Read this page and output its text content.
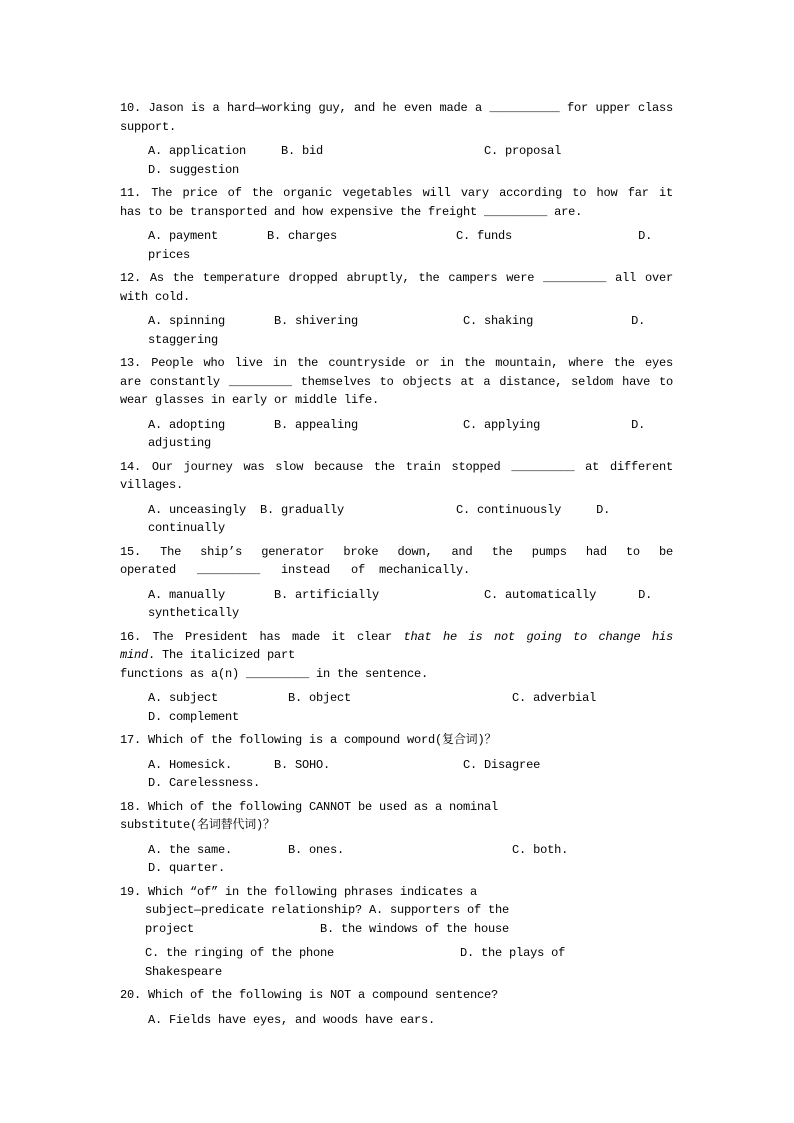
10. Jason is a hard—working guy, and he even made a __________ for upper class
support.
A. application     B. bid                       C. proposal
D. suggestion
11. The price of the organic vegetables will vary according to how far it
has to be transported and how expensive the freight _________ are.
A. payment       B. charges                 C. funds                  D.
prices
12. As the temperature dropped abruptly, the campers were _________ all over
with cold.
A. spinning       B. shivering               C. shaking              D.
staggering
13. People who live in the countryside or in the mountain, where the eyes
are constantly _________ themselves to objects at a distance, seldom have to
wear glasses in early or middle life.
A. adopting       B. appealing               C. applying             D.
adjusting
14. Our journey was slow because the train stopped _________ at different
villages.
A. unceasingly  B. gradually                C. continuously     D.
continually
15. The ship’s generator broke down, and the pumps had to be
operated   _________   instead   of  mechanically.
A. manually       B. artificially               C. automatically      D.
synthetically
16. The President has made it clear that he is not going to change his
mind. The italicized part
functions as a(n) _________ in the sentence.
A. subject          B. object                       C. adverbial
D. complement
17. Which of the following is a compound word(复合词)？
A. Homesick.      B. SOHO.                   C. Disagree
D. Carelessness.
18. Which of the following CANNOT be used as a nominal
substitute(名词替代词)？
A. the same.        B. ones.                        C. both.
D. quarter.
19. Which “of” in the following phrases indicates a
subject—predicate relationship? A. supporters of the
project                  B. the windows of the house
C. the ringing of the phone                  D. the plays of
Shakespeare
20. Which of the following is NOT a compound sentence?
A. Fields have eyes, and woods have ears.
